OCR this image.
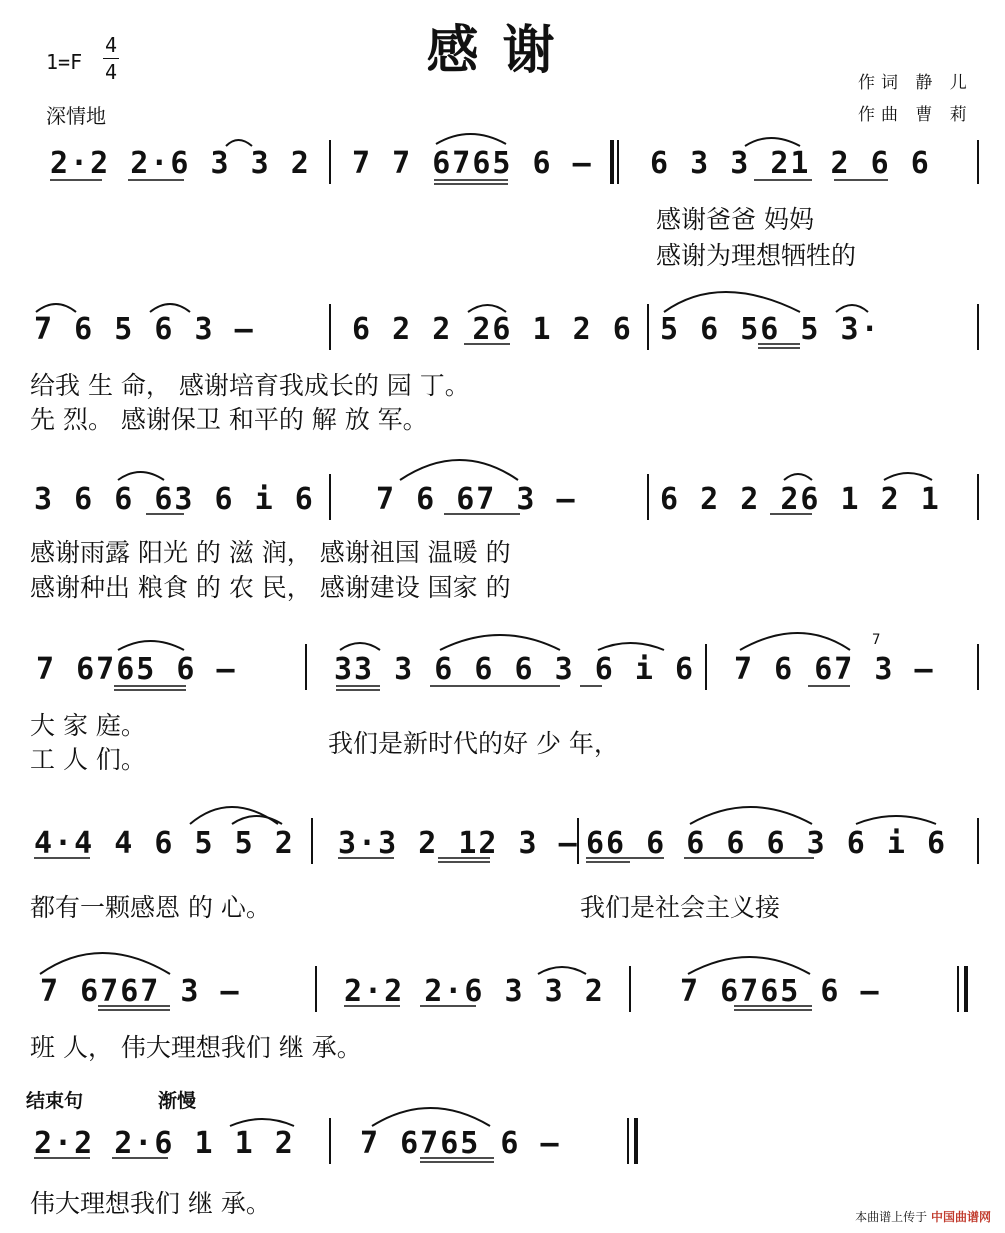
感谢
1=F
4
4
深情地
作词 静 儿
作曲 曹 莉
2·2 2·6 3 3 2 7 7 6765 6 – 6 3 3 21 2 6 6
感谢爸爸 妈妈
感谢为理想牺牲的
7 6 5 6 3 –	6 2 2 26 1 2 6 5 6 56 5 3·
给我 生 命， 感谢培育我成长的 园 丁。
先 烈。 感谢保卫 和平的 解 放 军。
3 6 6 63 6 i 6 7 6 67 3 –	6 2 2 26 1 2 1
感谢雨露 阳光 的 滋 润， 感谢祖国 温暖 的
感谢种出 粮食 的 农 民， 感谢建设 国家 的
7 6765 6 –	33 3 6 6 6 3 6 i 6 7 6 67 3 –
7
大 家 庭。
工 人 们。
我们是新时代的好 少 年，
4·4 4 6 5 5 2 3·3 2 12 3 – 66 6 6 6 6 3 6 i 6
都有一颗感恩 的 心。	我们是社会主义接
7 6767 3 –	2·2 2·6 3 3 2	7 6765 6 –
班 人， 伟大理想我们 继 承。
结束句	渐慢
2·2 2·6 1 1 2 7 6765 6 –
伟大理想我们 继 承。	本曲谱上传于 中国曲谱网
